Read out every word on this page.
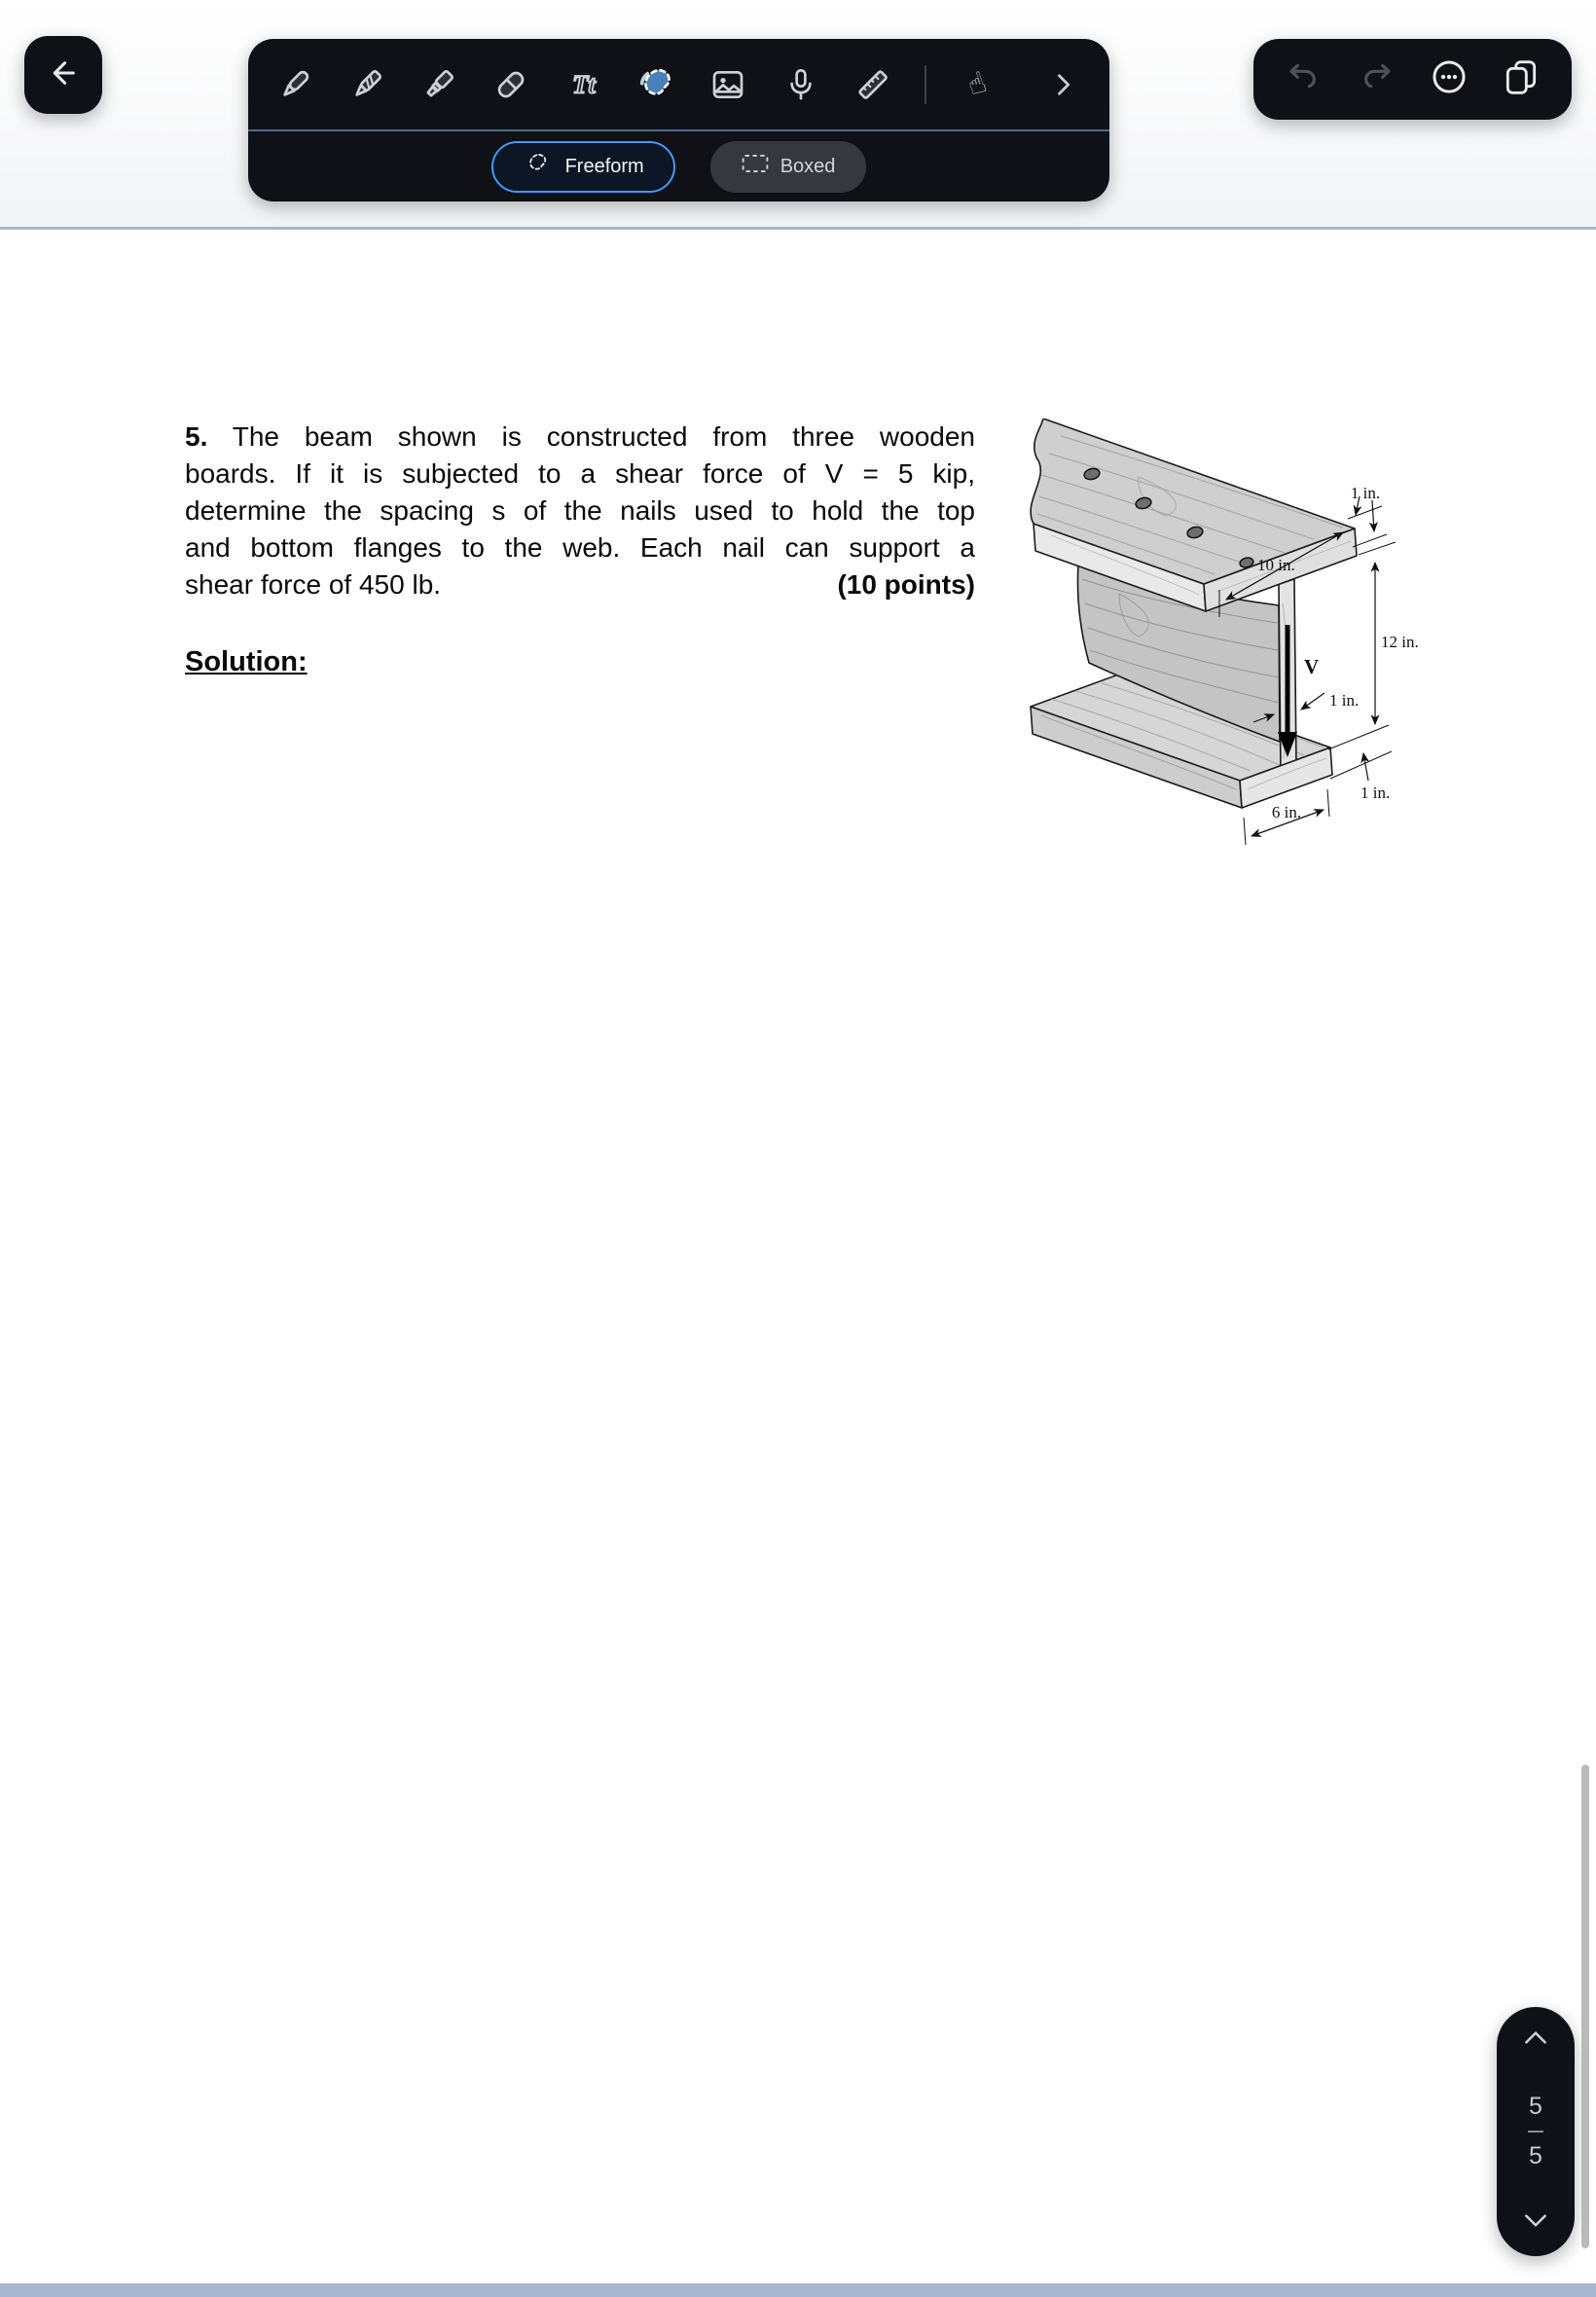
Tt	☝
Freeform	Boxed
5. The beam shown is constructed from three wooden
boards. If it is subjected to a shear force of V = 5 kip,
determine the spacing s of the nails used to hold the top
and bottom flanges to the web. Each nail can support a
shear force of 450 lb.	(10 points)
Solution:	V
1 in.
10 in.
12 in.
1 in.
1 in.
6 in.
5
5
